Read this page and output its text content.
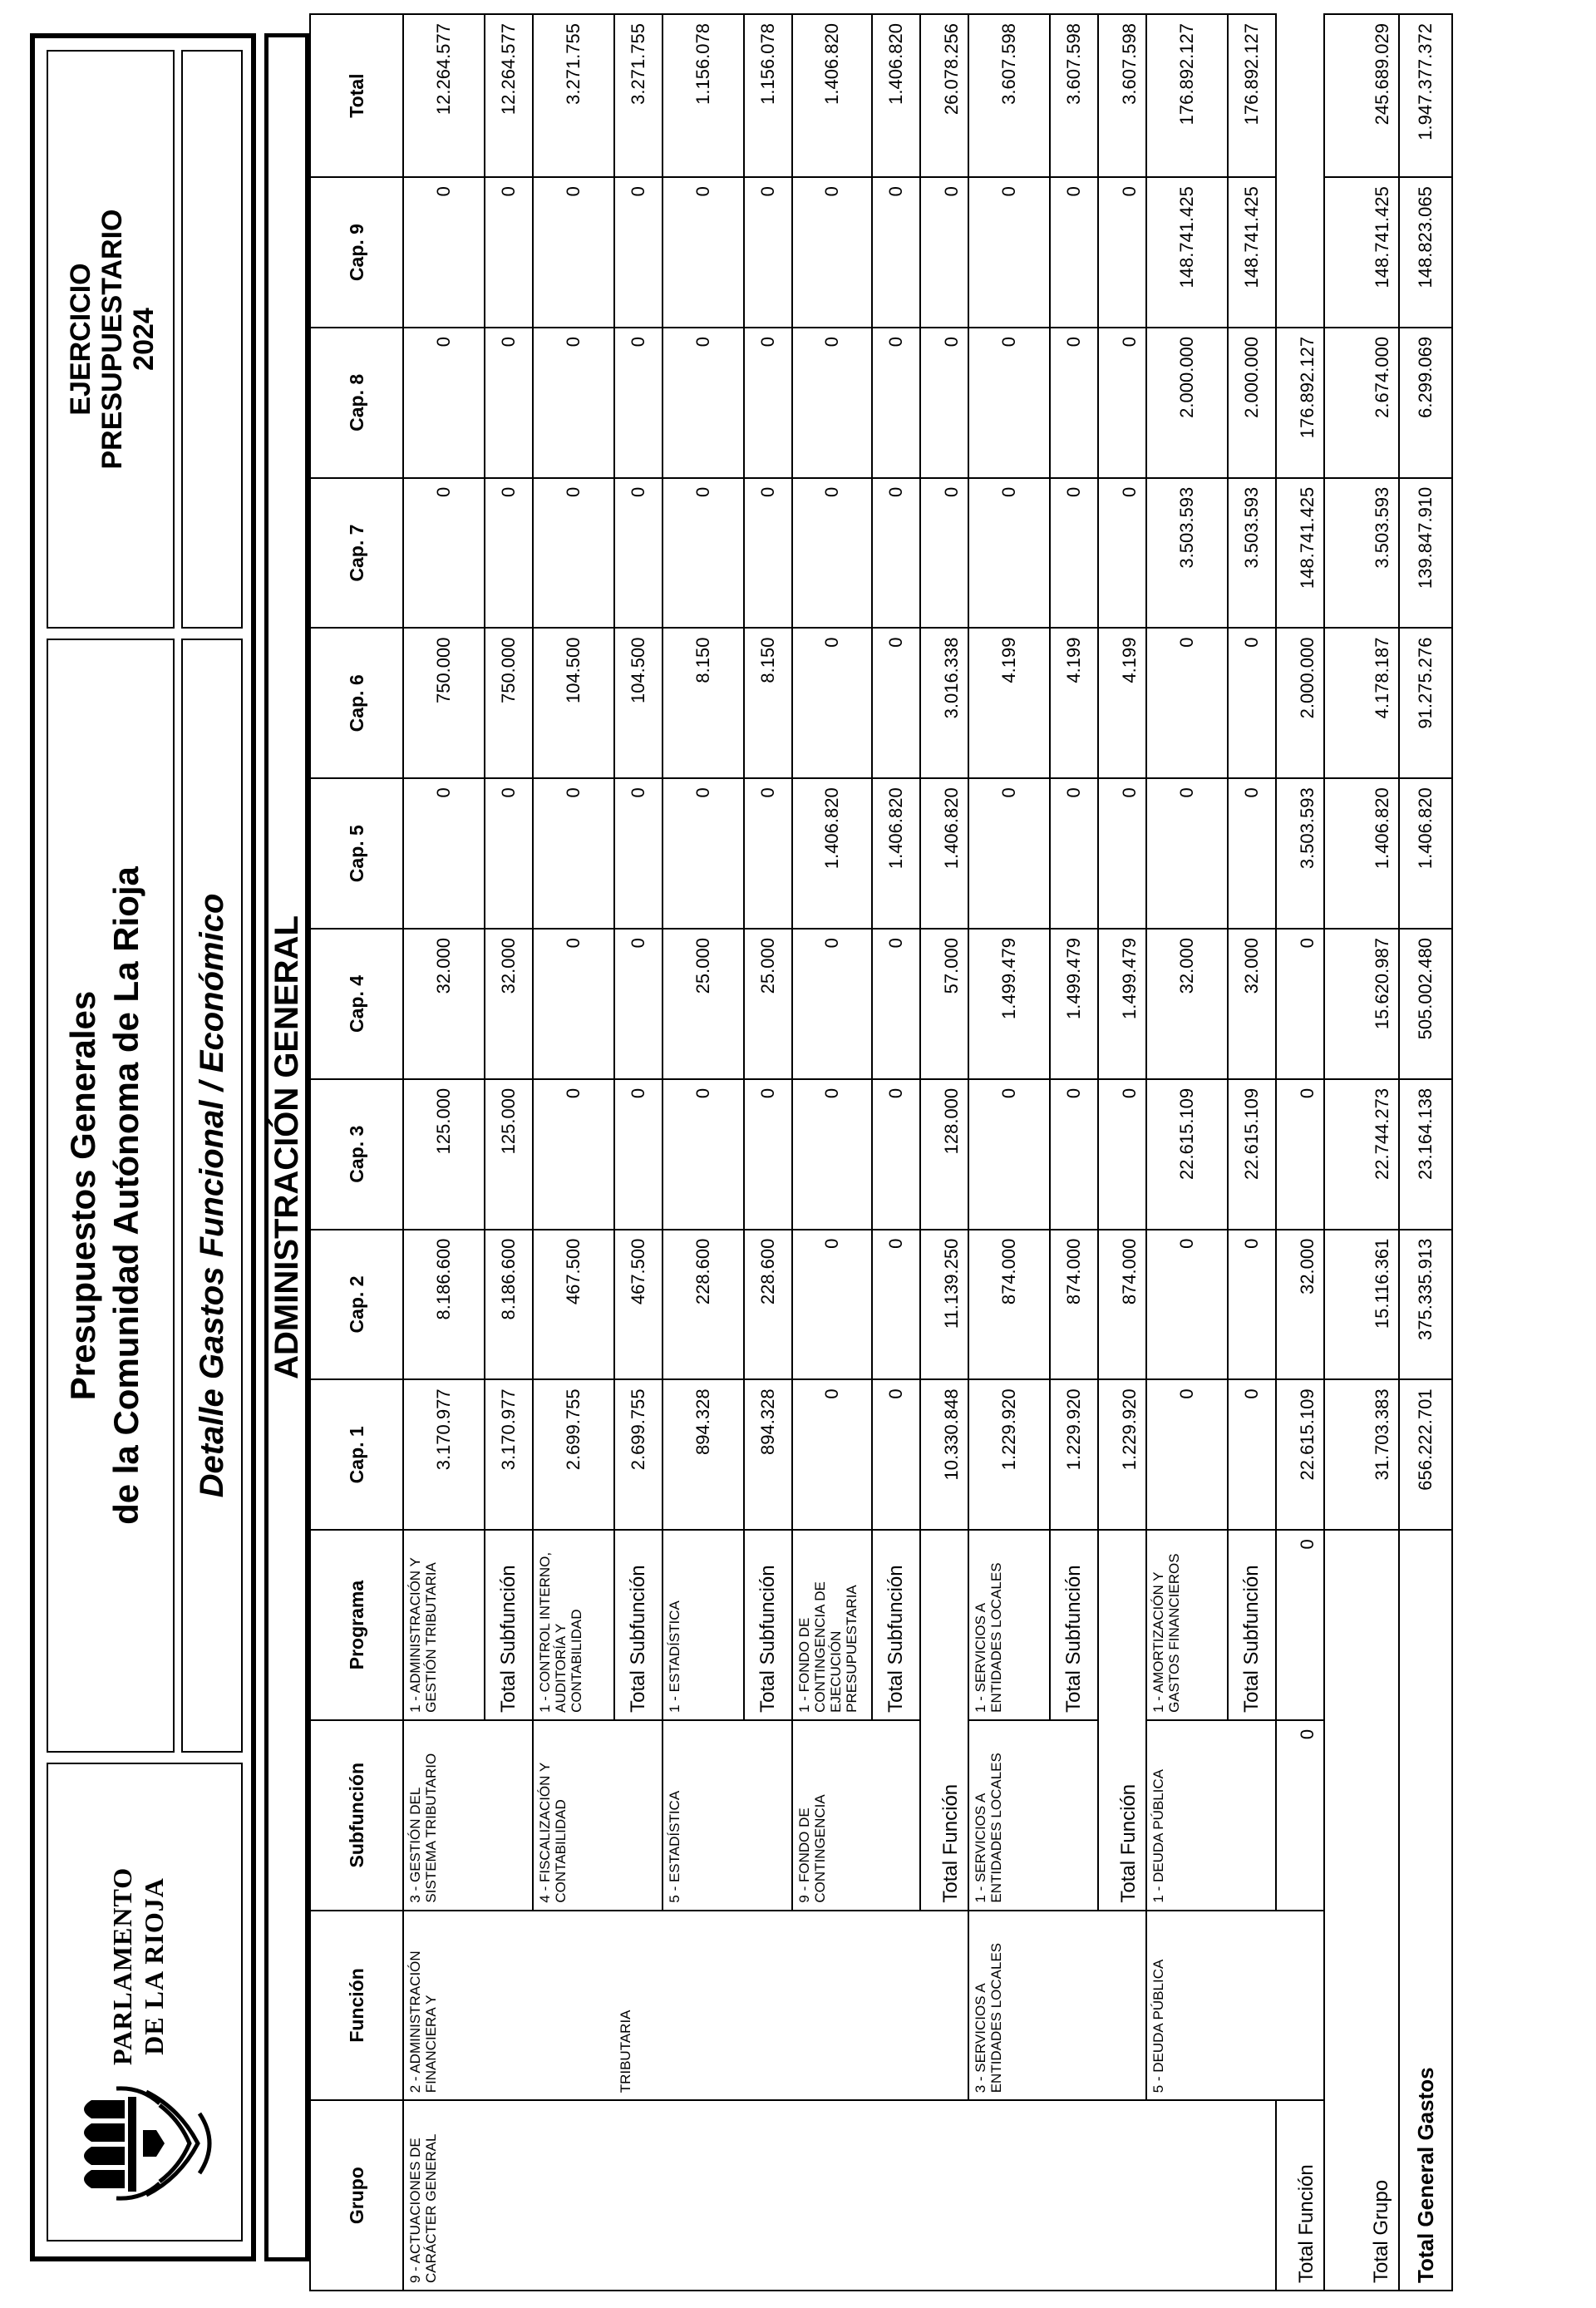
PARLAMENTO DE LA RIOJA
Presupuestos Generales de la Comunidad Autónoma de La Rioja	Detalle Gastos Funcional / Económico
EJERCICIO PRESUPUESTARIO 2024
ADMINISTRACIÓN GENERAL
Grupo	Función	Subfunción	Programa	Cap. 1	Cap. 2	Cap. 3	Cap. 4	Cap. 5	Cap. 6	Cap. 7	Cap. 8	Cap. 9	Total
9 - ACTUACIONES DE CARÁCTER GENERAL	2 - ADMINISTRACIÓN FINANCIERA Y	3 - GESTIÓN DEL SISTEMA TRIBUTARIO	1 - ADMINISTRACIÓN Y GESTIÓN TRIBUTARIA	3.170.977	8.186.600	125.000	32.000	0	750.000	0	0	0	12.264.577
			Total Subfunción	3.170.977	8.186.600	125.000	32.000	0	750.000	0	0	0	12.264.577
		4 - FISCALIZACIÓN Y CONTABILIDAD	1 - CONTROL INTERNO, AUDITORÍA Y CONTABILIDAD	2.699.755	467.500	0	0	0	104.500	0	0	0	3.271.755
			Total Subfunción	2.699.755	467.500	0	0	0	104.500	0	0	0	3.271.755

	TRIBUTARIA	5 - ESTADÍSTICA	1 - ESTADÍSTICA	894.328	228.600	0	25.000	0	8.150	0	0	0	1.156.078
			Total Subfunción	894.328	228.600	0	25.000	0	8.150	0	0	0	1.156.078
		9 - FONDO DE CONTINGENCIA	1 - FONDO DE CONTINGENCIA DE EJECUCIÓN PRESUPUESTARIA	0	0	0	0	1.406.820	0	0	0	0	1.406.820
			Total Subfunción	0	0	0	0	1.406.820	0	0	0	0	1.406.820
		Total Función		10.330.848	11.139.250	128.000	57.000	1.406.820	3.016.338	0	0	0	26.078.256
	3 - SERVICIOS A ENTIDADES LOCALES	1 - SERVICIOS A ENTIDADES LOCALES	1 - SERVICIOS A ENTIDADES LOCALES	1.229.920	874.000	0	1.499.479	0	4.199	0	0	0	3.607.598
			Total Subfunción	1.229.920	874.000	0	1.499.479	0	4.199	0	0	0	3.607.598
		Total Función		1.229.920	874.000	0	1.499.479	0	4.199	0	0	0	3.607.598
	5 - DEUDA PÚBLICA	1 - DEUDA PÚBLICA	1 - AMORTIZACIÓN Y GASTOS FINANCIEROS	0	0	22.615.109	32.000	0	0	3.503.593	2.000.000	148.741.425	176.892.127
			Total Subfunción	0	0	22.615.109	32.000	0	0	3.503.593	2.000.000	148.741.425	176.892.127
Total Función		0	0	22.615.109	32.000	0	0	3.503.593	2.000.000	148.741.425	176.892.127		
Total Grupo				31.703.383	15.116.361	22.744.273	15.620.987	1.406.820	4.178.187	3.503.593	2.674.000	148.741.425	245.689.029
Total General Gastos				656.222.701	375.335.913	23.164.138	505.002.480	1.406.820	91.275.276	139.847.910	6.299.069	148.823.065	1.947.377.372
